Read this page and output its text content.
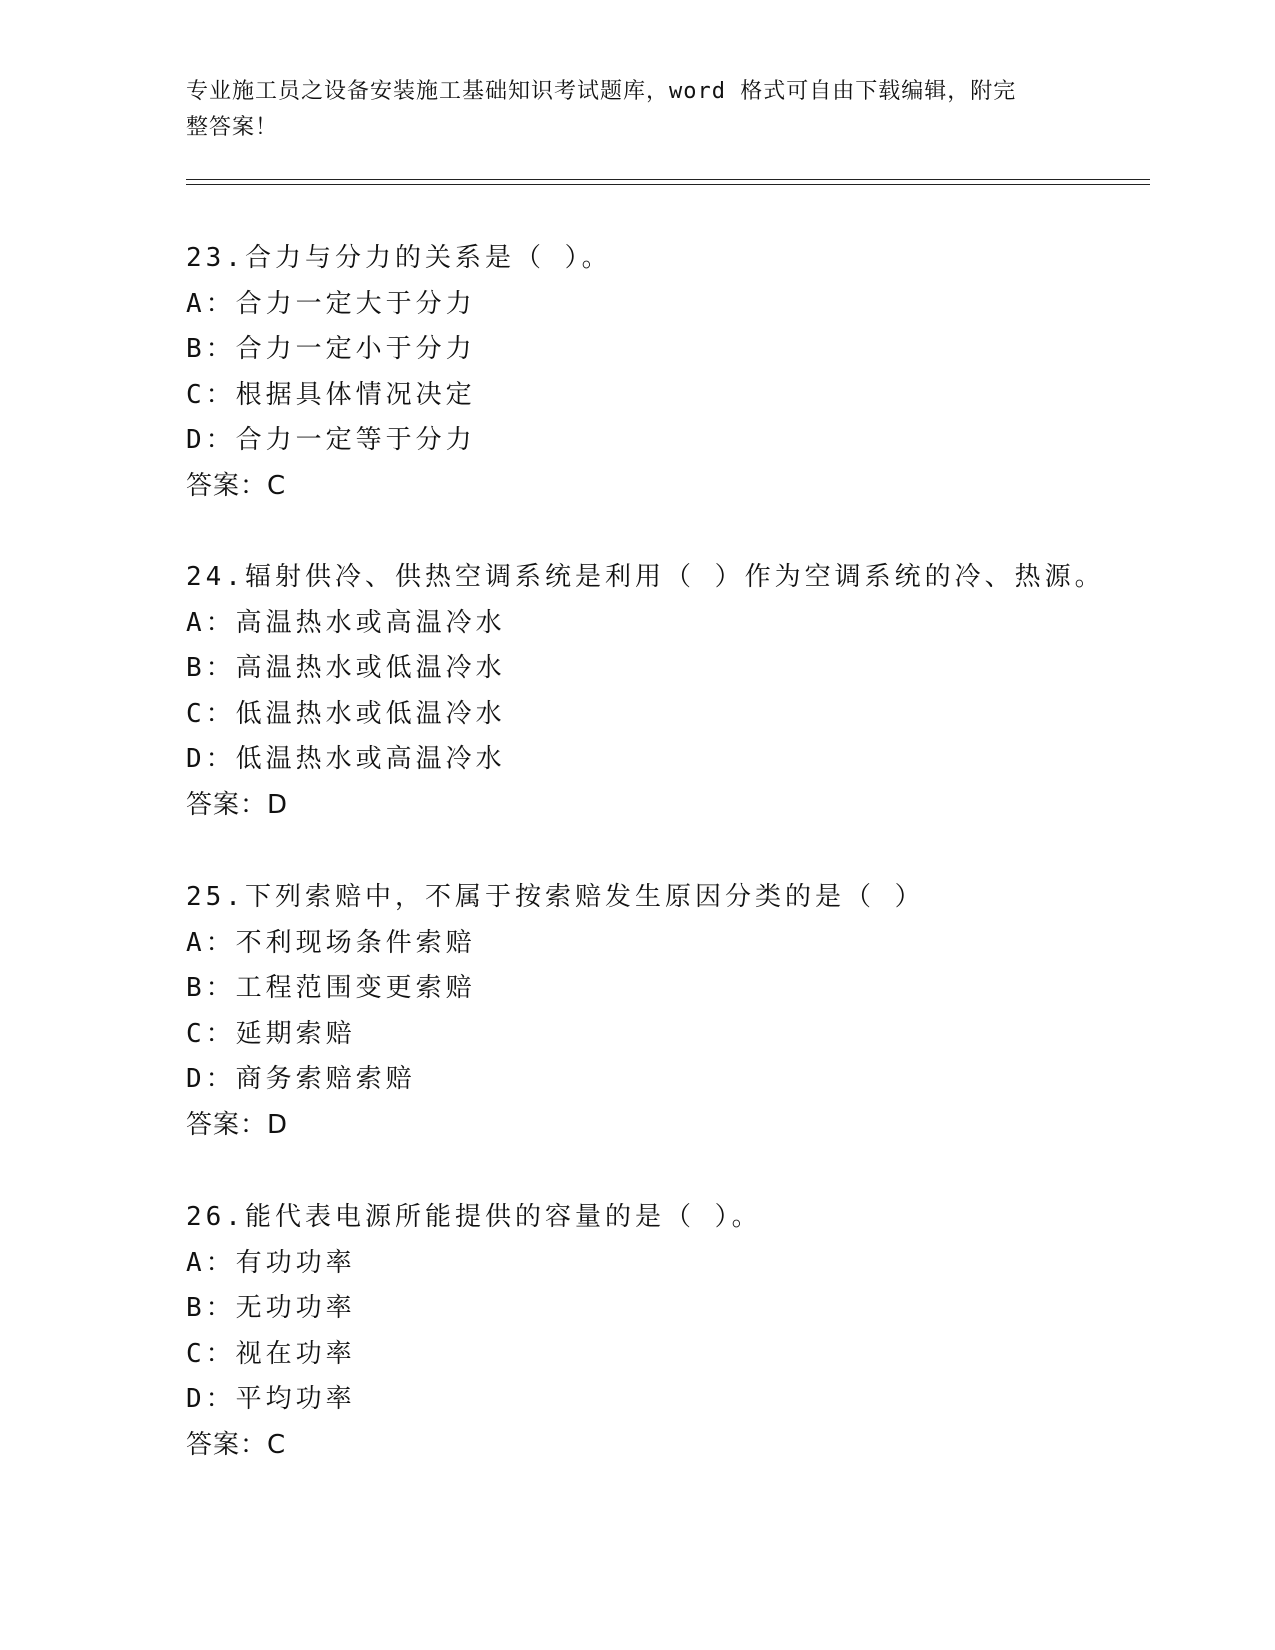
专业施工员之设备安装施工基础知识考试题库，word 格式可自由下载编辑，附完
整答案！
23.合力与分力的关系是（ ）。
A：合力一定大于分力
B：合力一定小于分力
C：根据具体情况决定
D：合力一定等于分力
答案：C
24.辐射供冷、供热空调系统是利用（ ）作为空调系统的冷、热源。
A：高温热水或高温冷水
B：高温热水或低温冷水
C：低温热水或低温冷水
D：低温热水或高温冷水
答案：D
25.下列索赔中，不属于按索赔发生原因分类的是（ ）
A：不利现场条件索赔
B：工程范围变更索赔
C：延期索赔
D：商务索赔索赔
答案：D
26.能代表电源所能提供的容量的是（ ）。
A：有功功率
B：无功功率
C：视在功率
D：平均功率
答案：C
